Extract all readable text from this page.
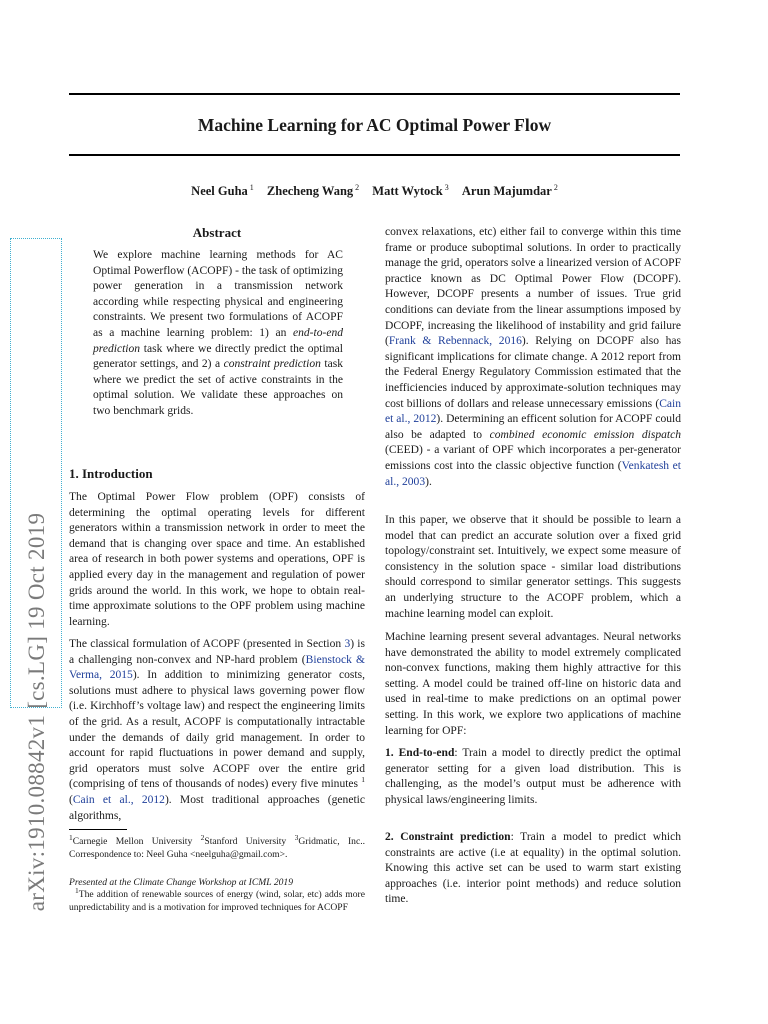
Machine Learning for AC Optimal Power Flow
Neel Guha $^1$ Zhecheng Wang $^2$ Matt Wytock $^3$ Arun Majumdar $^2$
arXiv:1910.08842v1 [cs.LG] 19 Oct 2019
Abstract

We explore machine learning methods for AC Optimal Powerflow (ACOPF) - the task of optimizing power generation in a transmission network according while respecting physical and engineering constraints. We present two formulations of ACOPF as a machine learning problem: 1) an end-to-end prediction task where we directly predict the optimal generator settings, and 2) a constraint prediction task where we predict the set of active constraints in the optimal solution. We validate these approaches on two benchmark grids.

1. Introduction

The Optimal Power Flow problem (OPF) consists of determining the optimal operating levels for different generators within a transmission network in order to meet the demand that is changing over space and time. An established area of research in both power systems and operations, OPF is applied every day in the management and regulation of power grids around the world. In this work, we hope to obtain real-time approximate solutions to the OPF problem using machine learning.

The classical formulation of ACOPF (presented in Section 3) is a challenging non-convex and NP-hard problem (Bienstock & Verma, 2015). In addition to minimizing generator costs, solutions must adhere to physical laws governing power flow (i.e. Kirchhoff’s voltage law) and respect the engineering limits of the grid. As a result, ACOPF is computationally intractable under the demands of daily grid management. In order to account for rapid fluctuations in power demand and supply, grid operators must solve ACOPF over the entire grid (comprising of tens of thousands of nodes) every five minutes $^1$ (Cain et al., 2012). Most traditional approaches (genetic algorithms,

$^1$Carnegie Mellon University $^2$Stanford University $^3$Gridmatic, Inc.. Correspondence to: Neel Guha <neelguha@gmail.com>.

Presented at the Climate Change Workshop at ICML 2019

$^1$The addition of renewable sources of energy (wind, solar, etc) adds more unpredictability and is a motivation for improved techniques for ACOPF

convex relaxations, etc) either fail to converge within this time frame or produce suboptimal solutions. In order to practically manage the grid, operators solve a linearized version of ACOPF practice known as DC Optimal Power Flow (DCOPF). However, DCOPF presents a number of issues. True grid conditions can deviate from the linear assumptions imposed by DCOPF, increasing the likelihood of instability and grid failure (Frank & Rebennack, 2016). Relying on DCOPF also has significant implications for climate change. A 2012 report from the Federal Energy Regulatory Commission estimated that the inefficiencies induced by approximate-solution techniques may cost billions of dollars and release unnecessary emissions (Cain et al., 2012). Determining an efficent solution for ACOPF could also be adapted to combined economic emission dispatch (CEED) - a variant of OPF which incorporates a per-generator emissions cost into the classic objective function (Venkatesh et al., 2003).

In this paper, we observe that it should be possible to learn a model that can predict an accurate solution over a fixed grid topology/constraint set. Intuitively, we expect some measure of consistency in the solution space - similar load distributions should correspond to similar generator settings. This suggests an underlying structure to the ACOPF problem, which a machine learning model can exploit.

Machine learning present several advantages. Neural networks have demonstrated the ability to model extremely complicated non-convex functions, making them highly attractive for this setting. A model could be trained off-line on historic data and used in real-time to make predictions on an optimal power setting. In this work, we explore two applications of machine learning for OPF:

1. End-to-end: Train a model to directly predict the optimal generator setting for a given load distribution. This is challenging, as the model’s output must be adherence with physical laws/engineering limits.

2. Constraint prediction: Train a model to predict which constraints are active (i.e at equality) in the optimal solution. Knowing this active set can be used to warm start existing approaches (i.e. interior point methods) and reduce solution time.
